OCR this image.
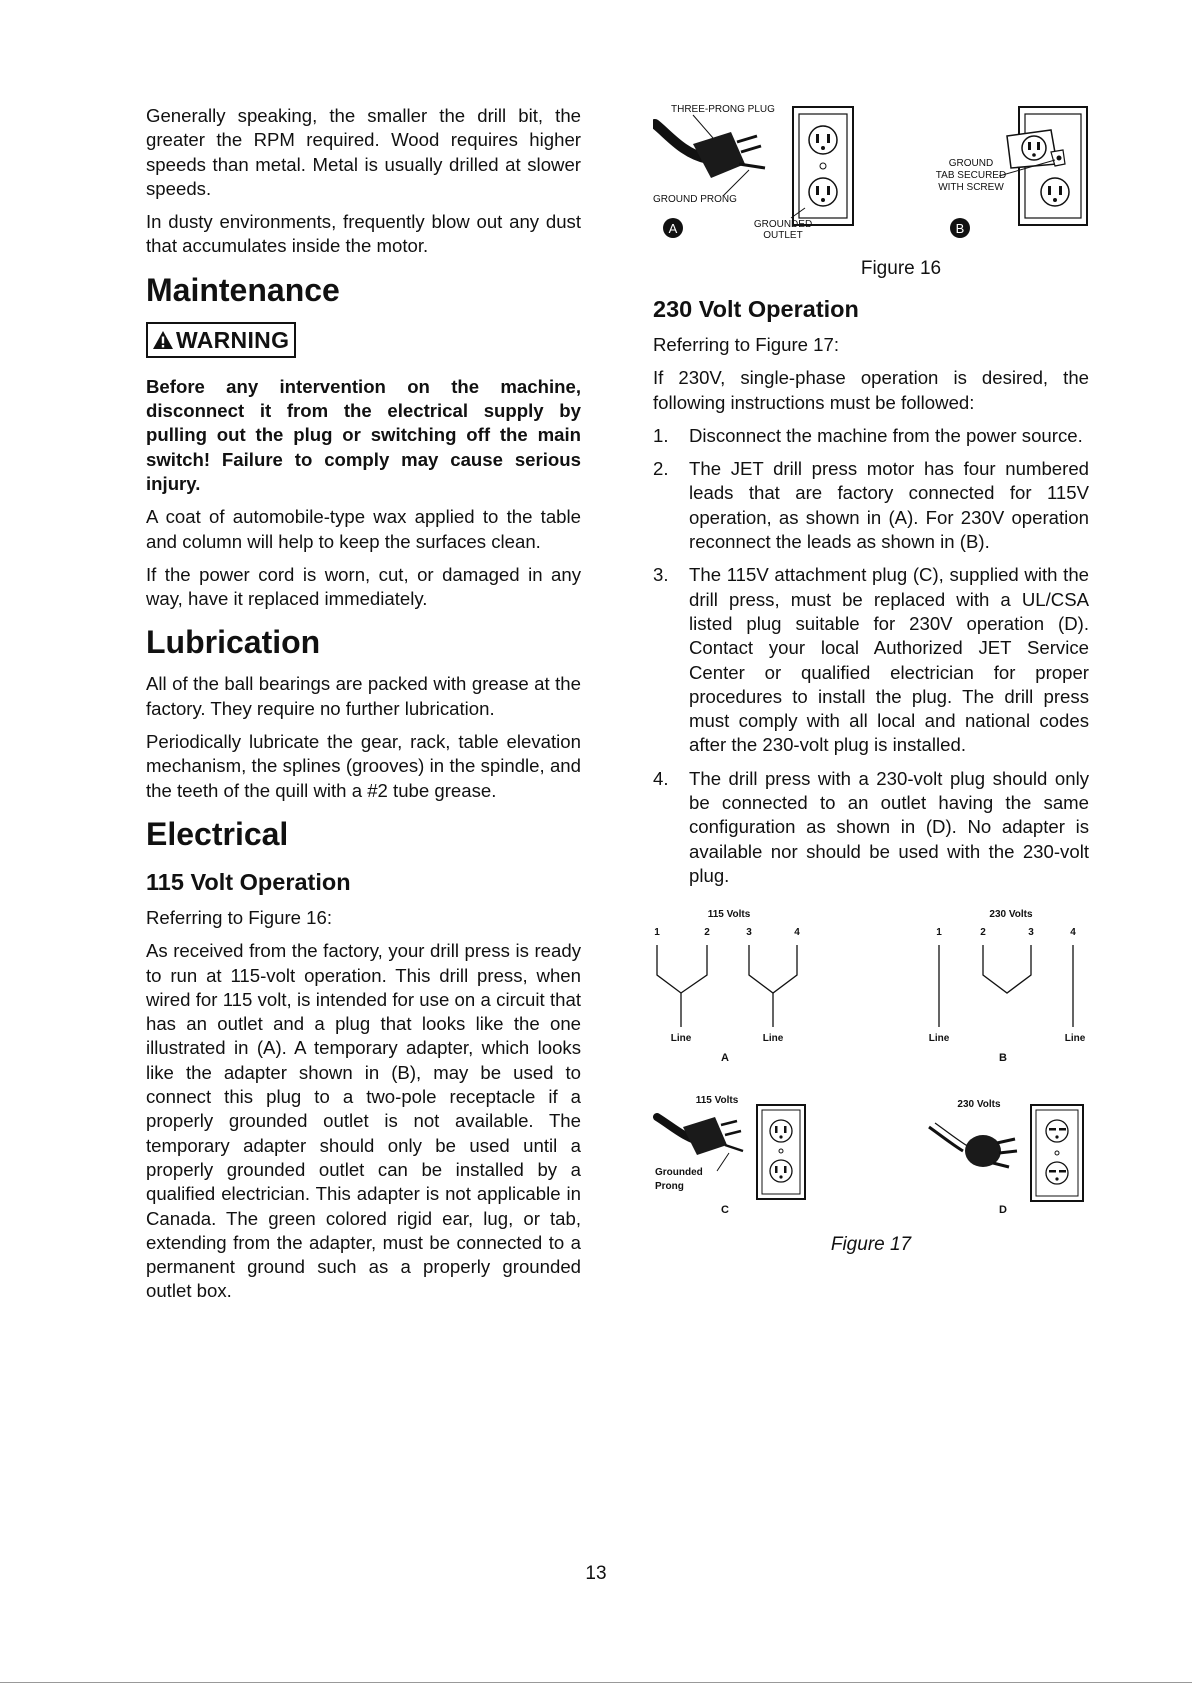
Generally speaking, the smaller the drill bit, the greater the RPM required. Wood requires higher speeds than metal. Metal is usually drilled at slower speeds.

In dusty environments, frequently blow out any dust that accumulates inside the motor.

Maintenance
WARNING

Before any intervention on the machine, disconnect it from the electrical supply by pulling out the plug or switching off the main switch! Failure to comply may cause serious injury.

A coat of automobile-type wax applied to the table and column will help to keep the surfaces clean.

If the power cord is worn, cut, or damaged in any way, have it replaced immediately.

Lubrication

All of the ball bearings are packed with grease at the factory. They require no further lubrication.

Periodically lubricate the gear, rack, table elevation mechanism, the splines (grooves) in the spindle, and the teeth of the quill with a #2 tube grease.

Electrical
115 Volt Operation

Referring to Figure 16:

As received from the factory, your drill press is ready to run at 115-volt operation. This drill press, when wired for 115 volt, is intended for use on a circuit that has an outlet and a plug that looks like the one illustrated in (A). A temporary adapter, which looks like the adapter shown in (B), may be used to connect this plug to a two-pole receptacle if a properly grounded outlet is not available. The temporary adapter should only be used until a properly grounded outlet can be installed by a qualified electrician. This adapter is not applicable in Canada. The green colored rigid ear, lug, or tab, extending from the adapter, must be connected to a permanent ground such as a properly grounded outlet box.

THREE-PRONG PLUG
GROUND PRONG
GROUNDED
OUTLET
A
GROUND
TAB SECURED
WITH SCREW
B

Figure 16

230 Volt Operation

Referring to Figure 17:

If 230V, single-phase operation is desired, the following instructions must be followed:

1.	Disconnect the machine from the power source.
2.	The JET drill press motor has four numbered leads that are factory connected for 115V operation, as shown in (A). For 230V operation reconnect the leads as shown in (B).
3.	The 115V attachment plug (C), supplied with the drill press, must be replaced with a UL/CSA listed plug suitable for 230V operation (D). Contact your local Authorized JET Service Center or qualified electrician for proper procedures to install the plug. The drill press must comply with all local and national codes after the 230-volt plug is installed.
4.	The drill press with a 230-volt plug should only be connected to an outlet having the same configuration as shown in (D). No adapter is available nor should be used with the 230-volt plug.
115 Volts
1	2	3	4
Line	Line
A
230 Volts
1	2	3	4
Line	Line
B
115 Volts
Grounded
Prong
C
230 Volts
D

Figure 17

13
